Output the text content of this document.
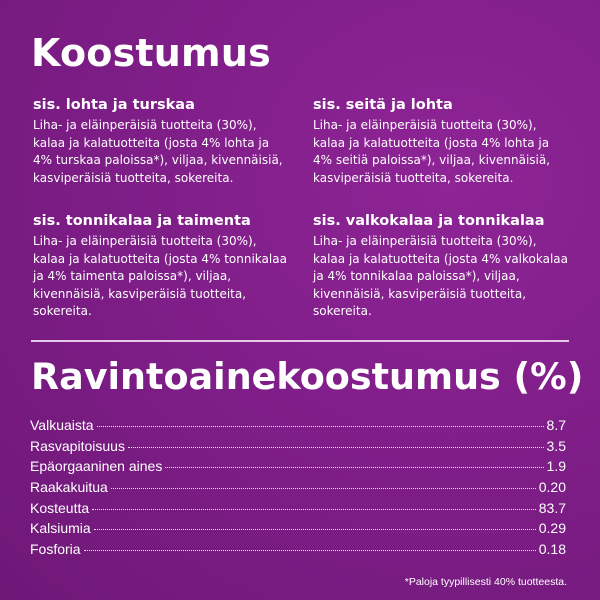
Koostumus
sis. lohta ja turskaa

Liha- ja eläinperäisiä tuotteita (30%), kalaa ja kalatuotteita (josta 4% lohta ja 4% turskaa paloissa*), viljaa, kivennäisiä, kasviperäisiä tuotteita, sokereita.

sis. seitä ja lohta

Liha- ja eläinperäisiä tuotteita (30%), kalaa ja kalatuotteita (josta 4% lohta ja 4% seitiä paloissa*), viljaa, kivennäisiä, kasviperäisiä tuotteita, sokereita.

sis. tonnikalaa ja taimenta

Liha- ja eläinperäisiä tuotteita (30%), kalaa ja kalatuotteita (josta 4% tonnikalaa ja 4% taimenta paloissa*), viljaa, kivennäisiä, kasviperäisiä tuotteita, sokereita.

sis. valkokalaa ja tonnikalaa

Liha- ja eläinperäisiä tuotteita (30%), kalaa ja kalatuotteita (josta 4% valkokalaa ja 4% tonnikalaa paloissa*), viljaa, kivennäisiä, kasviperäisiä tuotteita, sokereita.

Ravintoainekoostumus (%)
Valkuaista	8.7
Rasvapitoisuus	3.5
Epäorgaaninen aines	1.9
Raakakuitua	0.20
Kosteutta	83.7
Kalsiumia	0.29
Fosforia	0.18
*Paloja tyypillisesti 40% tuotteesta.
